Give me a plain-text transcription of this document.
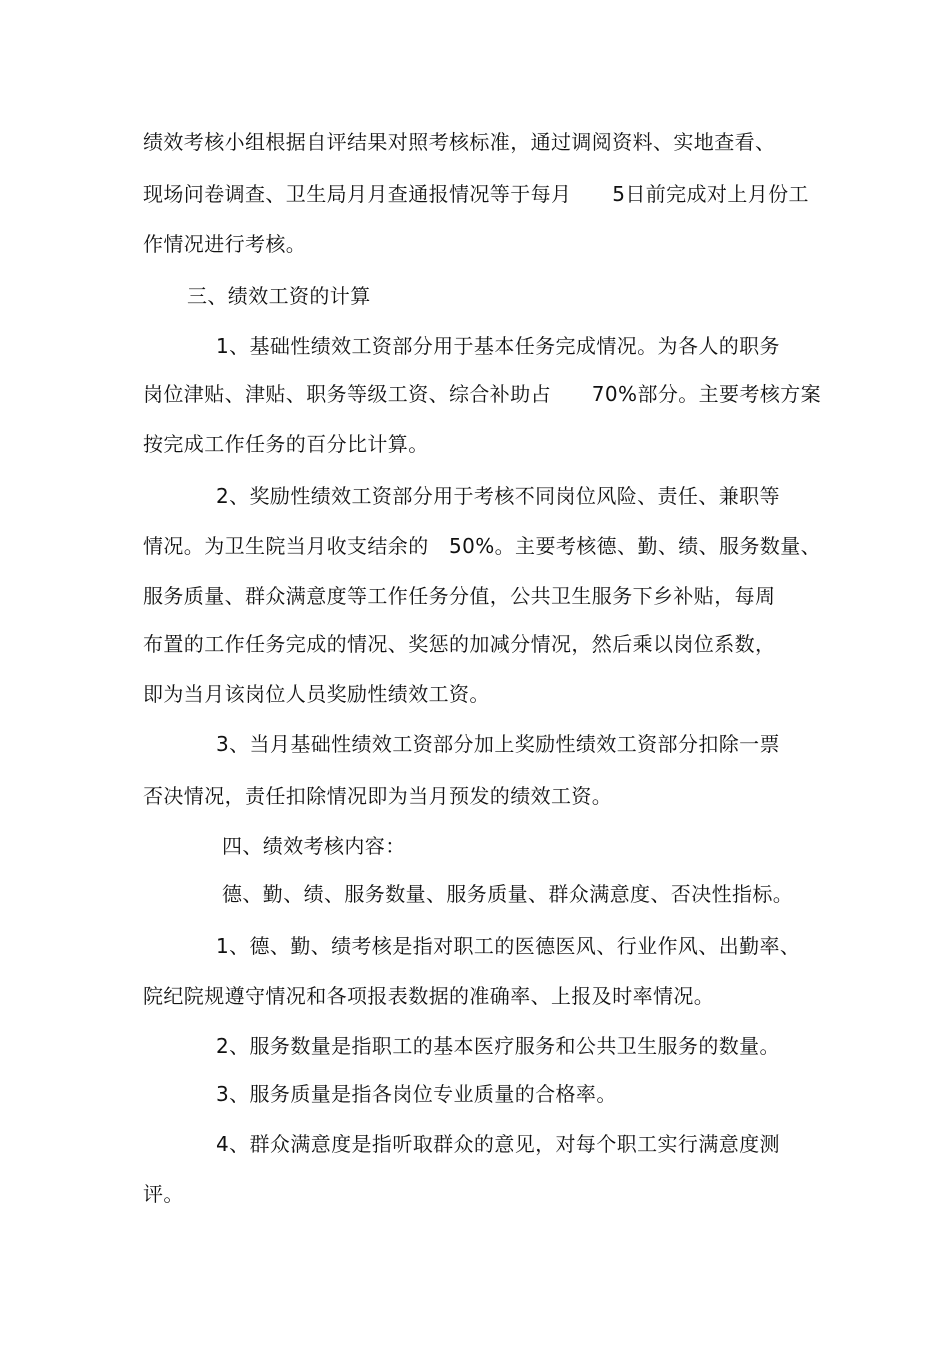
绩效考核小组根据自评结果对照考核标准，通过调阅资料、实地查看、
现场问卷调查、卫生局月月查通报情况等于每月　　5日前完成对上月份工
作情况进行考核。
三、绩效工资的计算
1、基础性绩效工资部分用于基本任务完成情况。为各人的职务
岗位津贴、津贴、职务等级工资、综合补助占　　70%部分。主要考核方案
按完成工作任务的百分比计算。
2、奖励性绩效工资部分用于考核不同岗位风险、责任、兼职等
情况。为卫生院当月收支结余的　50%。主要考核德、勤、绩、服务数量、
服务质量、群众满意度等工作任务分值，公共卫生服务下乡补贴，每周
布置的工作任务完成的情况、奖惩的加减分情况，然后乘以岗位系数，
即为当月该岗位人员奖励性绩效工资。
3、当月基础性绩效工资部分加上奖励性绩效工资部分扣除一票
否决情况，责任扣除情况即为当月预发的绩效工资。
四、绩效考核内容：
德、勤、绩、服务数量、服务质量、群众满意度、否决性指标。
1、德、勤、绩考核是指对职工的医德医风、行业作风、出勤率、
院纪院规遵守情况和各项报表数据的准确率、上报及时率情况。
2、服务数量是指职工的基本医疗服务和公共卫生服务的数量。
3、服务质量是指各岗位专业质量的合格率。
4、群众满意度是指听取群众的意见，对每个职工实行满意度测
评。
